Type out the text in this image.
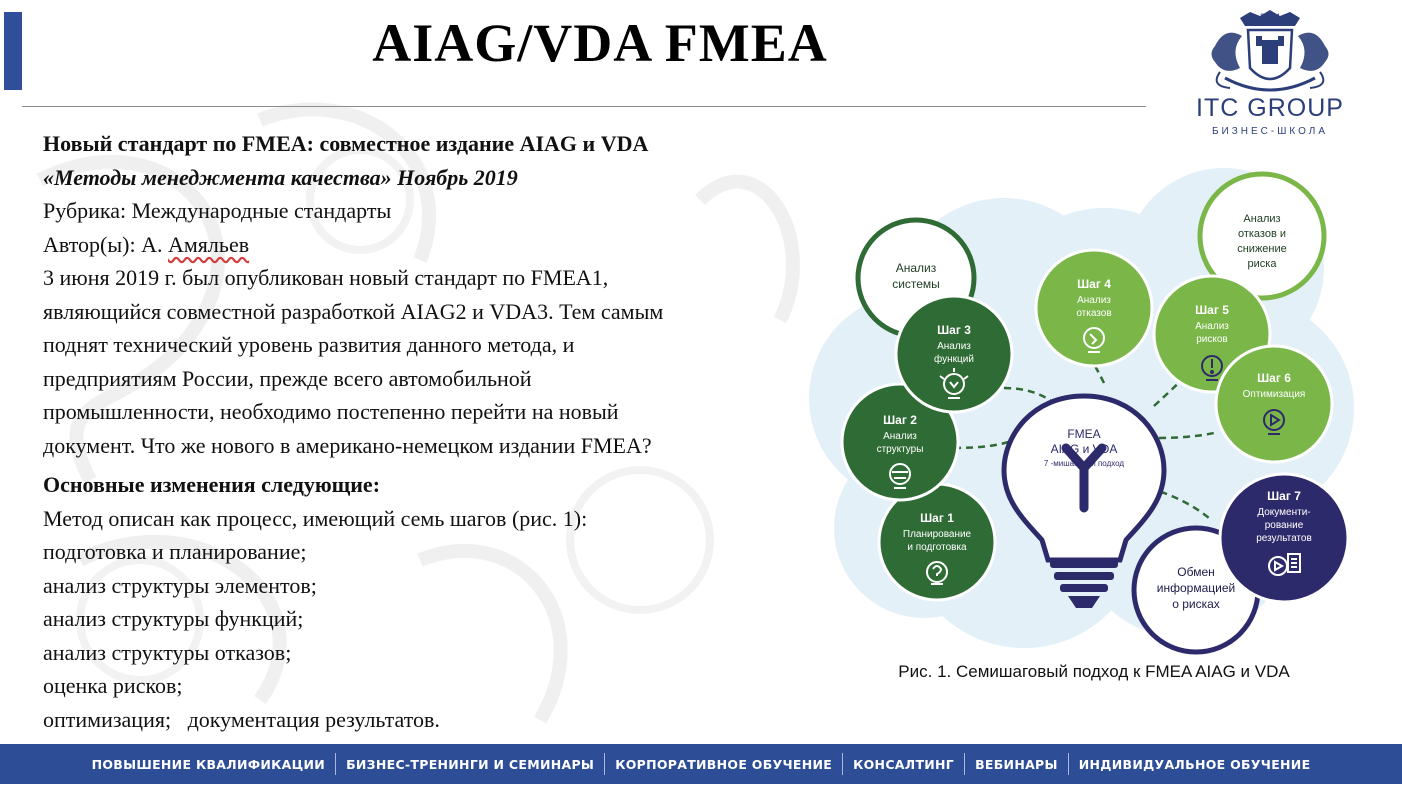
AIAG/VDA FMEA
ITC GROUP
БИЗНЕС-ШКОЛА

Новый стандарт по FMEA: совместное издание AIAG и VDA

«Методы менеджмента качества» Ноябрь 2019

Рубрика: Международные стандарты

Автор(ы): А. Амяльев

3 июня 2019 г. был опубликован новый стандарт по FMEA1,

являющийся совместной разработкой AIAG2 и VDA3. Тем самым

поднят технический уровень развития данного метода, и

предприятиям России, прежде всего автомобильной

промышленности, необходимо постепенно перейти на новый

документ. Что же нового в американо-немецком издании FMEA?

Основные изменения следующие:

Метод описан как процесс, имеющий семь шагов (рис. 1):

подготовка и планирование;

анализ структуры элементов;

анализ структуры функций;

анализ структуры отказов;

оценка рисков;

оптимизация;   документация результатов.

FMEA
AIAG и VDA
7 -мишаговый подход
Анализ
системы
Анализ
отказов и
снижение
риска
Обмен
информацией
о рисках
Шаг 1
Планирование
и подготовка
Шаг 2
Анализ
структуры
Шаг 3
Анализ
функций
Шаг 4
Анализ
отказов	Шаг 5
Анализ
рисков
Шаг 6
Оптимизация
Шаг 7
Документи-
рование
результатов
Рис. 1. Семишаговый подход к FMEA AIAG и VDA
ПОВЫШЕНИЕ КВАЛИФИКАЦИИ	БИЗНЕС-ТРЕНИНГИ И СЕМИНАРЫ	КОРПОРАТИВНОЕ ОБУЧЕНИЕ	КОНСАЛТИНГ	ВЕБИНАРЫ	ИНДИВИДУАЛЬНОЕ ОБУЧЕНИЕ
